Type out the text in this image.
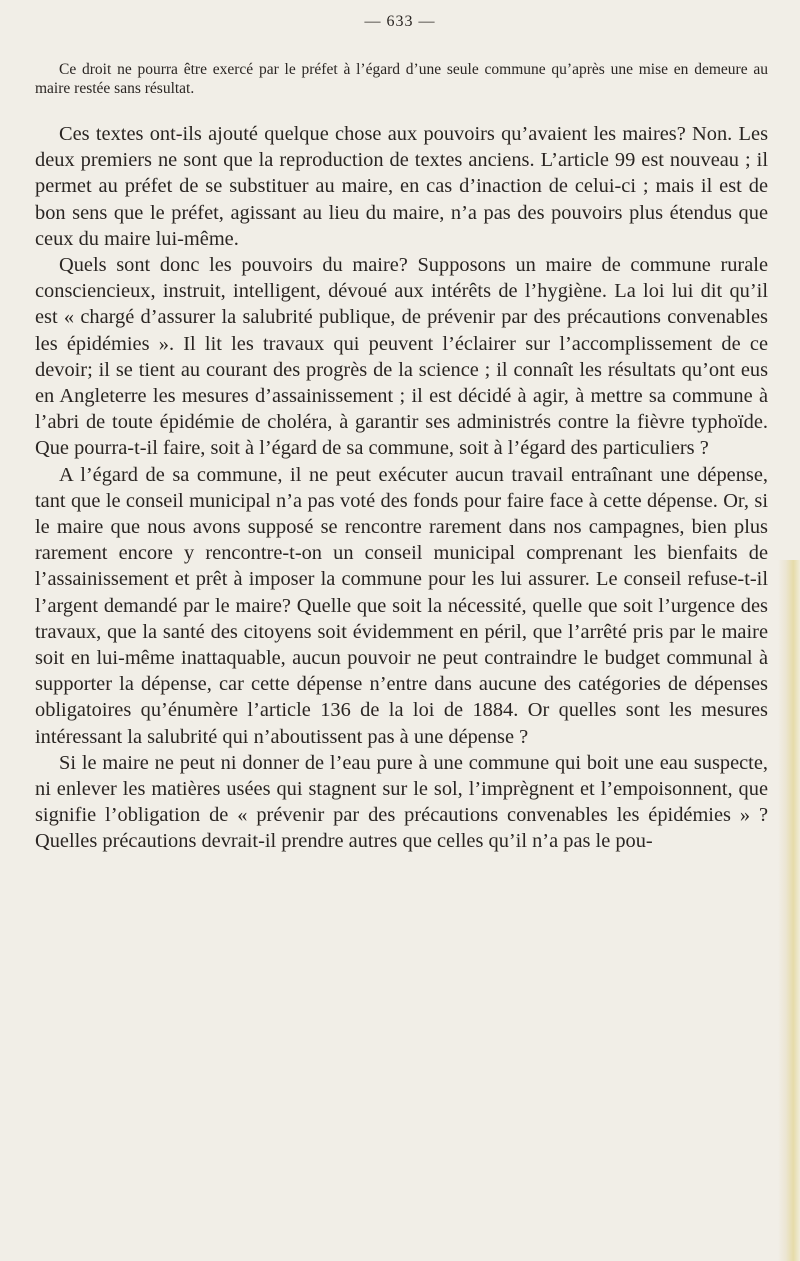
— 633 —
Ce droit ne pourra être exercé par le préfet à l’égard d’une seule commune qu’après une mise en demeure au maire restée sans résultat.

Ces textes ont-ils ajouté quelque chose aux pouvoirs qu’avaient les maires? Non. Les deux premiers ne sont que la reproduction de textes anciens. L’article 99 est nouveau ; il permet au préfet de se substituer au maire, en cas d’inaction de celui-ci ; mais il est de bon sens que le préfet, agissant au lieu du maire, n’a pas des pouvoirs plus étendus que ceux du maire lui-même.

Quels sont donc les pouvoirs du maire? Supposons un maire de commune rurale consciencieux, instruit, intelligent, dévoué aux intérêts de l’hygiène. La loi lui dit qu’il est « chargé d’assurer la salubrité publique, de prévenir par des précautions convenables les épidémies ». Il lit les travaux qui peuvent l’éclairer sur l’accomplissement de ce devoir; il se tient au courant des progrès de la science ; il connaît les résultats qu’ont eus en Angleterre les mesures d’assainissement ; il est décidé à agir, à mettre sa commune à l’abri de toute épidémie de choléra, à garantir ses administrés contre la fièvre typhoïde. Que pourra-t-il faire, soit à l’égard de sa commune, soit à l’égard des particuliers ?

A l’égard de sa commune, il ne peut exécuter aucun travail entraînant une dépense, tant que le conseil municipal n’a pas voté des fonds pour faire face à cette dépense. Or, si le maire que nous avons supposé se rencontre rarement dans nos campagnes, bien plus rarement encore y rencontre-t-on un conseil municipal comprenant les bienfaits de l’assainissement et prêt à imposer la commune pour les lui assurer. Le conseil refuse-t-il l’argent demandé par le maire? Quelle que soit la nécessité, quelle que soit l’urgence des travaux, que la santé des citoyens soit évidemment en péril, que l’arrêté pris par le maire soit en lui-même inattaquable, aucun pouvoir ne peut contraindre le budget communal à supporter la dépense, car cette dépense n’entre dans aucune des catégories de dépenses obligatoires qu’énumère l’article 136 de la loi de 1884. Or quelles sont les mesures intéressant la salubrité qui n’aboutissent pas à une dépense ?

Si le maire ne peut ni donner de l’eau pure à une commune qui boit une eau suspecte, ni enlever les matières usées qui stagnent sur le sol, l’imprègnent et l’empoisonnent, que signifie l’obligation de « prévenir par des précautions convenables les épidémies » ? Quelles précautions devrait-il prendre autres que celles qu’il n’a pas le pou-
